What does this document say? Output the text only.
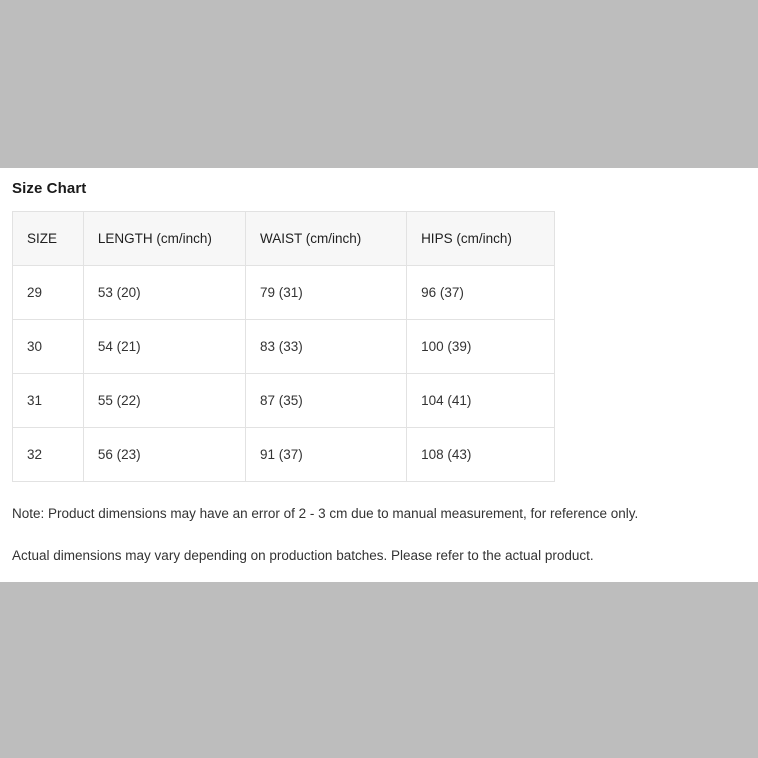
Size Chart
SIZE	LENGTH (cm/inch)	WAIST (cm/inch)	HIPS (cm/inch)
29	53 (20)	79 (31)	96 (37)
30	54 (21)	83 (33)	100 (39)
31	55 (22)	87 (35)	104 (41)
32	56 (23)	91 (37)	108 (43)

Note: Product dimensions may have an error of 2 - 3 cm due to manual measurement, for reference only.

Actual dimensions may vary depending on production batches. Please refer to the actual product.
